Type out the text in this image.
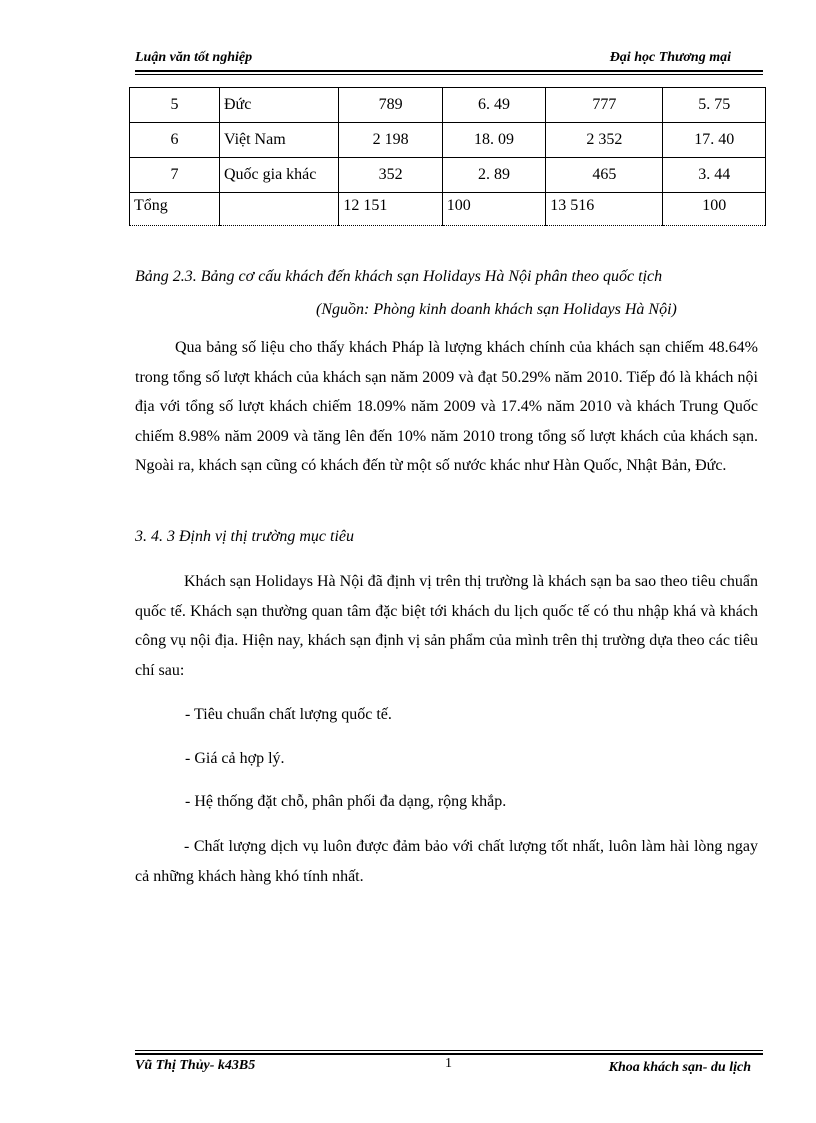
Luận văn tốt nghiệp	Đại học Thương mại
5	Đức	789	6. 49	777	5. 75
6	Việt Nam	2 198	18. 09	2 352	17. 40
7	Quốc gia khác	352	2. 89	465	3. 44
Tổng		12 151	100	13 516	100
Bảng 2.3. Bảng cơ cấu khách đến khách sạn Holidays Hà Nội phân theo quốc tịch
(Nguồn: Phòng kinh doanh khách sạn Holidays Hà Nội)

Qua bảng số liệu cho thấy khách Pháp là lượng khách chính của khách sạn chiếm 48.64% trong tổng số lượt khách của khách sạn năm 2009 và đạt 50.29% năm 2010. Tiếp đó là khách nội địa với tổng số lượt khách chiếm 18.09% năm 2009 và 17.4% năm 2010 và khách Trung Quốc chiếm 8.98% năm 2009 và tăng lên đến 10% năm 2010 trong tổng số lượt khách của khách sạn. Ngoài ra, khách sạn cũng có khách đến từ một số nước khác như Hàn Quốc, Nhật Bản, Đức.

3. 4. 3 Định vị thị trường mục tiêu

Khách sạn Holidays Hà Nội đã định vị trên thị trường là khách sạn ba sao theo tiêu chuẩn quốc tế. Khách sạn thường quan tâm đặc biệt tới khách du lịch quốc tế có thu nhập khá và khách công vụ nội địa. Hiện nay, khách sạn định vị sản phẩm của mình trên thị trường dựa theo các tiêu chí sau:

- Tiêu chuẩn chất lượng quốc tế.
- Giá cả hợp lý.
- Hệ thống đặt chỗ, phân phối đa dạng, rộng khắp.

- Chất lượng dịch vụ luôn được đảm bảo với chất lượng tốt nhất, luôn làm hài lòng ngay cả những khách hàng khó tính nhất.

Vũ Thị Thủy- k43B5	1	Khoa khách sạn- du lịch
